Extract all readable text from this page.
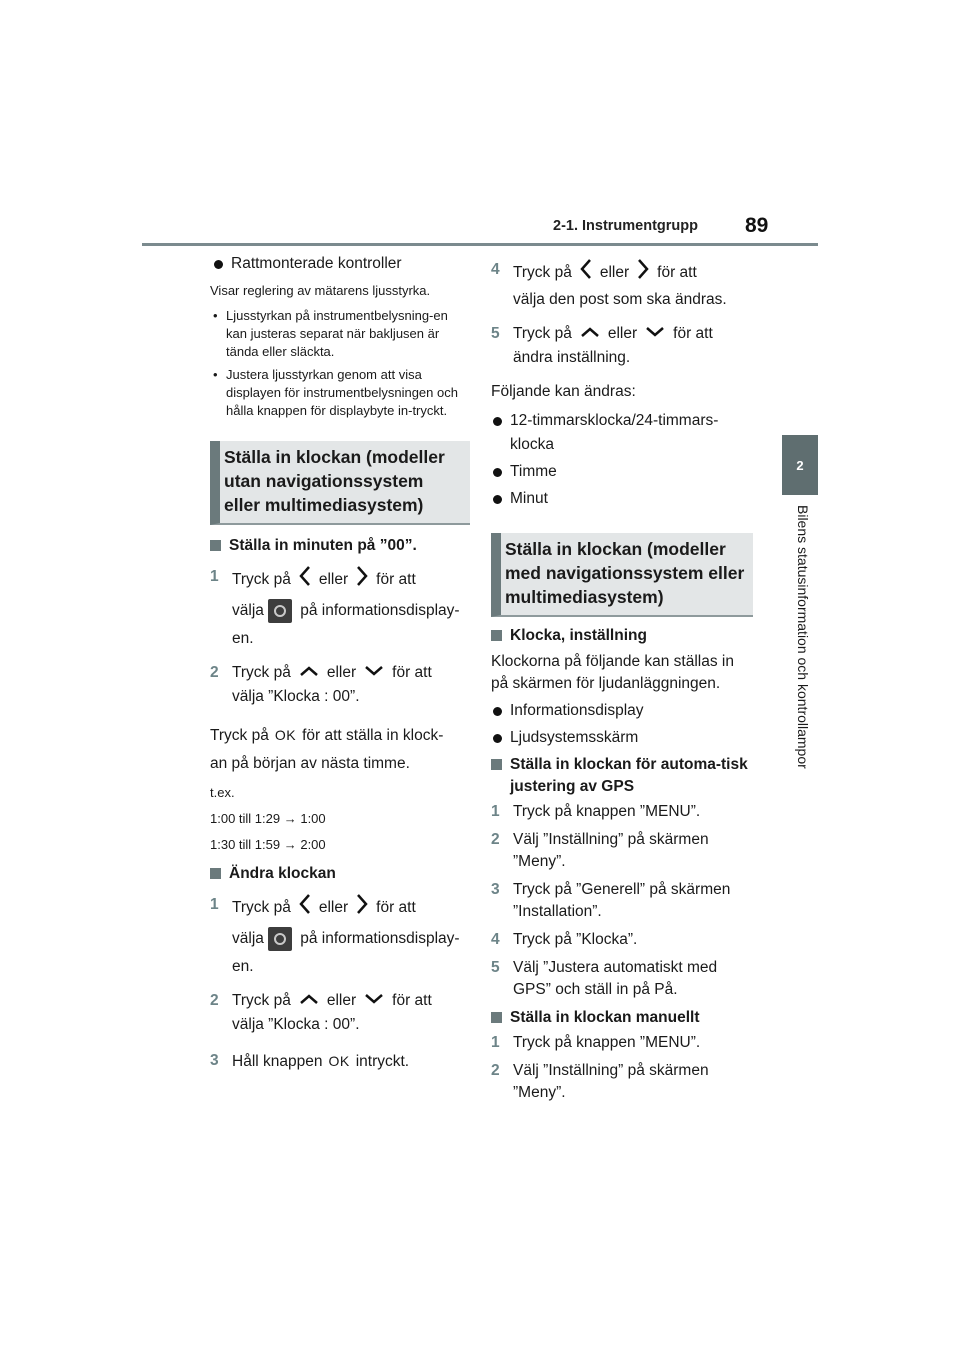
2-1. Instrumentgrupp 89
2
Bilens statusinformation och kontrollampor

Rattmonterade kontroller

Visar reglering av mätarens ljusstyrka.

• Ljusstyrkan på instrumentbelysning-en kan justeras separat när bakljusen är tända eller släckta.

• Justera ljusstyrkan genom att visa displayen för instrumentbelysningen och hålla knappen för displaybyte in-tryckt.

Ställa in klockan (modeller utan navigationssystem eller multimediasystem)

Ställa in minuten på ”00”.

1 Tryck på eller för att

välja på informationsdisplay-
en.
2 Tryck på eller för att
välja ”Klocka : 00”.

Tryck på OK för att ställa in klock-

an på början av nästa timme.

t.ex.

1:00 till 1:29 → 1:00

1:30 till 1:59 → 2:00

Ändra klockan

1 Tryck på eller för att

välja på informationsdisplay-
en.
2 Tryck på eller för att
välja ”Klocka : 00”.
3 Håll knappen OK intryckt.
4 Tryck på eller för att
välja den post som ska ändras.
5 Tryck på eller för att
ändra inställning.

Följande kan ändras:

12-timmarsklocka/24-timmars-klocka

Timme

Minut

Ställa in klockan (modeller med navigationssystem eller multimediasystem)

Klocka, inställning

Klockorna på följande kan ställas in på skärmen för ljudanläggningen.

Informationsdisplay

Ljudsystemsskärm

Ställa in klockan för automa-tisk justering av GPS

1 Tryck på knappen ”MENU”.
2 Välj ”Inställning” på skärmen ”Meny”.
3 Tryck på ”Generell” på skärmen ”Installation”.
4 Tryck på ”Klocka”.
5 Välj ”Justera automatiskt med GPS” och ställ in på På.

Ställa in klockan manuellt

1 Tryck på knappen ”MENU”.
2 Välj ”Inställning” på skärmen ”Meny”.
